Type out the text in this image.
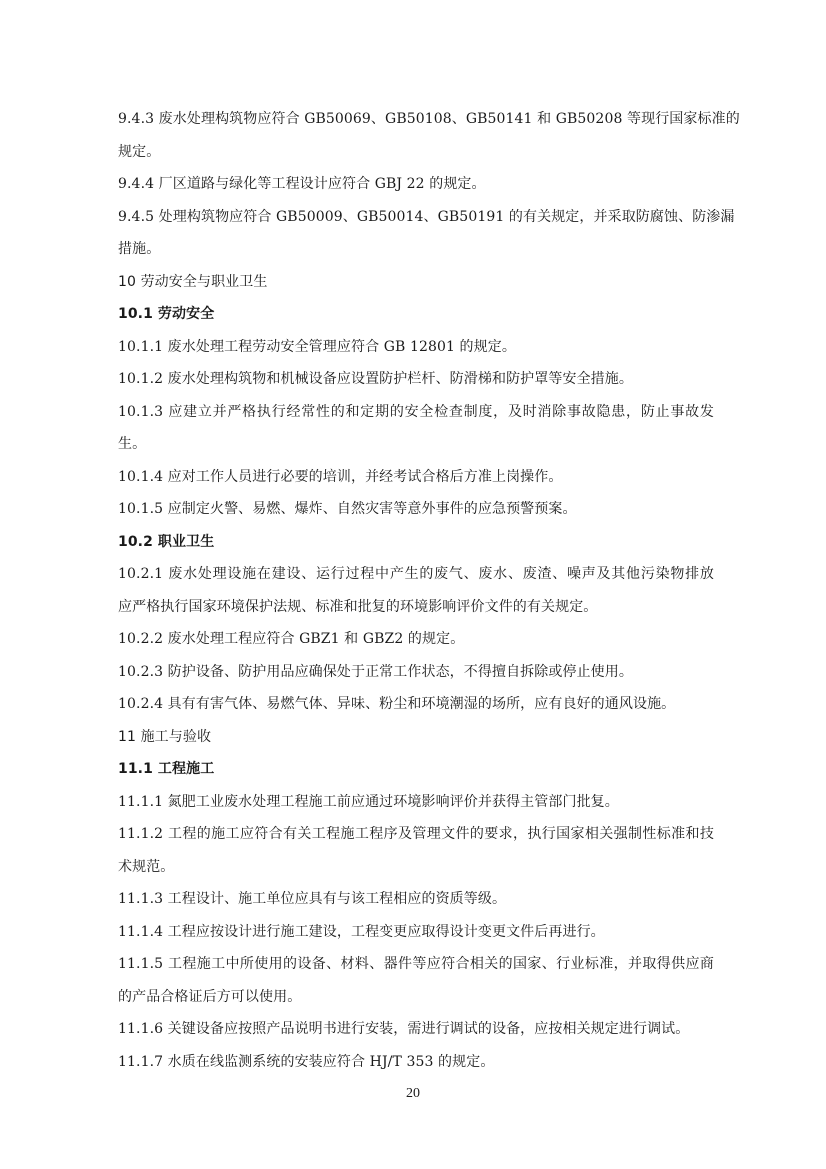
9.4.3 废水处理构筑物应符合 GB50069、GB50108、GB50141 和 GB50208 等现行国家标准的
规定。
9.4.4 厂区道路与绿化等工程设计应符合 GBJ 22 的规定。
9.4.5 处理构筑物应符合 GB50009、GB50014、GB50191 的有关规定，并采取防腐蚀、防渗漏
措施。
10 劳动安全与职业卫生
10.1 劳动安全
10.1.1 废水处理工程劳动安全管理应符合 GB 12801 的规定。
10.1.2 废水处理构筑物和机械设备应设置防护栏杆、防滑梯和防护罩等安全措施。
10.1.3 应建立并严格执行经常性的和定期的安全检查制度，及时消除事故隐患，防止事故发
生。
10.1.4 应对工作人员进行必要的培训，并经考试合格后方准上岗操作。
10.1.5 应制定火警、易燃、爆炸、自然灾害等意外事件的应急预警预案。
10.2 职业卫生
10.2.1 废水处理设施在建设、运行过程中产生的废气、废水、废渣、噪声及其他污染物排放
应严格执行国家环境保护法规、标准和批复的环境影响评价文件的有关规定。
10.2.2 废水处理工程应符合 GBZ1 和 GBZ2 的规定。
10.2.3 防护设备、防护用品应确保处于正常工作状态，不得擅自拆除或停止使用。
10.2.4 具有有害气体、易燃气体、异味、粉尘和环境潮湿的场所，应有良好的通风设施。
11 施工与验收
11.1 工程施工
11.1.1 氮肥工业废水处理工程施工前应通过环境影响评价并获得主管部门批复。
11.1.2 工程的施工应符合有关工程施工程序及管理文件的要求，执行国家相关强制性标准和技
术规范。
11.1.3 工程设计、施工单位应具有与该工程相应的资质等级。
11.1.4 工程应按设计进行施工建设，工程变更应取得设计变更文件后再进行。
11.1.5 工程施工中所使用的设备、材料、器件等应符合相关的国家、行业标准，并取得供应商
的产品合格证后方可以使用。
11.1.6 关键设备应按照产品说明书进行安装，需进行调试的设备，应按相关规定进行调试。
11.1.7 水质在线监测系统的安装应符合 HJ/T 353 的规定。
20
